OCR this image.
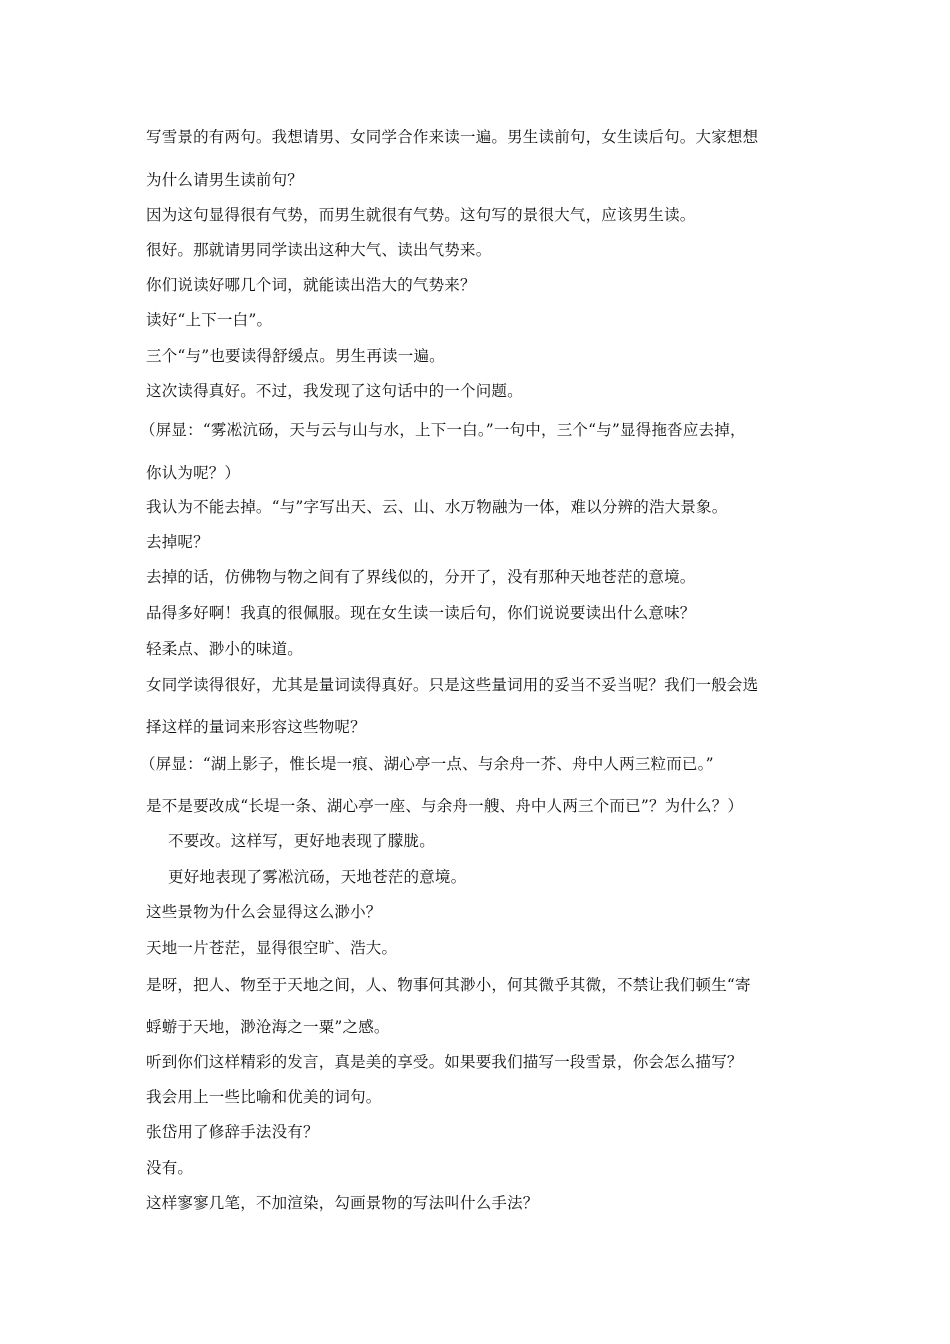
写雪景的有两句。我想请男、女同学合作来读一遍。男生读前句，女生读后句。大家想想
为什么请男生读前句？
因为这句显得很有气势，而男生就很有气势。这句写的景很大气，应该男生读。
很好。那就请男同学读出这种大气、读出气势来。
你们说读好哪几个词，就能读出浩大的气势来？
读好“上下一白”。
三个“与”也要读得舒缓点。男生再读一遍。
这次读得真好。不过，我发现了这句话中的一个问题。
（屏显：“雾凇沆砀，天与云与山与水，上下一白。”一句中，三个“与”显得拖沓应去掉，
你认为呢？）
我认为不能去掉。“与”字写出天、云、山、水万物融为一体，难以分辨的浩大景象。
去掉呢？
去掉的话，仿佛物与物之间有了界线似的，分开了，没有那种天地苍茫的意境。
品得多好啊！我真的很佩服。现在女生读一读后句，你们说说要读出什么意味？
轻柔点、渺小的味道。
女同学读得很好，尤其是量词读得真好。只是这些量词用的妥当不妥当呢？我们一般会选
择这样的量词来形容这些物呢？
（屏显：“湖上影子，惟长堤一痕、湖心亭一点、与余舟一芥、舟中人两三粒而已。”
是不是要改成“长堤一条、湖心亭一座、与余舟一艘、舟中人两三个而已”？为什么？）
不要改。这样写，更好地表现了朦胧。
更好地表现了雾凇沆砀，天地苍茫的意境。
这些景物为什么会显得这么渺小？
天地一片苍茫，显得很空旷、浩大。
是呀，把人、物至于天地之间，人、物事何其渺小，何其微乎其微，不禁让我们顿生“寄
蜉蝣于天地，渺沧海之一粟”之感。
听到你们这样精彩的发言，真是美的享受。如果要我们描写一段雪景，你会怎么描写？
我会用上一些比喻和优美的词句。
张岱用了修辞手法没有？
没有。
这样寥寥几笔，不加渲染，勾画景物的写法叫什么手法？
